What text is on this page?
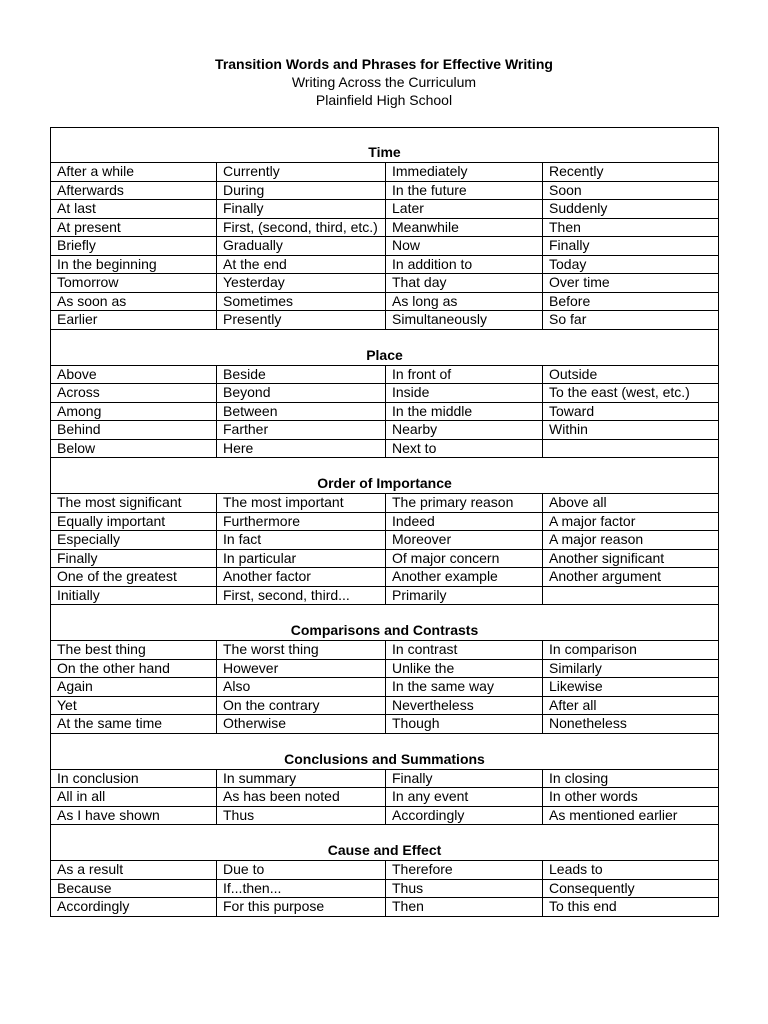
Transition Words and Phrases for Effective Writing
Writing Across the Curriculum
Plainfield High School
Time			
After a while	Currently	Immediately	Recently
Afterwards	During	In the future	Soon
At last	Finally	Later	Suddenly
At present	First, (second, third, etc.)	Meanwhile	Then
Briefly	Gradually	Now	Finally
In the beginning	At the end	In addition to	Today
Tomorrow	Yesterday	That day	Over time
As soon as	Sometimes	As long as	Before
Earlier	Presently	Simultaneously	So far
Place			
Above	Beside	In front of	Outside
Across	Beyond	Inside	To the east (west, etc.)
Among	Between	In the middle	Toward
Behind	Farther	Nearby	Within
Below	Here	Next to	
Order of Importance			
The most significant	The most important	The primary reason	Above all
Equally important	Furthermore	Indeed	A major factor
Especially	In fact	Moreover	A major reason
Finally	In particular	Of major concern	Another significant
One of the greatest	Another factor	Another example	Another argument
Initially	First, second, third...	Primarily	
Comparisons and Contrasts			
The best thing	The worst thing	In contrast	In comparison
On the other hand	However	Unlike the	Similarly
Again	Also	In the same way	Likewise
Yet	On the contrary	Nevertheless	After all
At the same time	Otherwise	Though	Nonetheless
Conclusions and Summations			
In conclusion	In summary	Finally	In closing
All in all	As has been noted	In any event	In other words
As I have shown	Thus	Accordingly	As mentioned earlier
Cause and Effect			
As a result	Due to	Therefore	Leads to
Because	If...then...	Thus	Consequently
Accordingly	For this purpose	Then	To this end
